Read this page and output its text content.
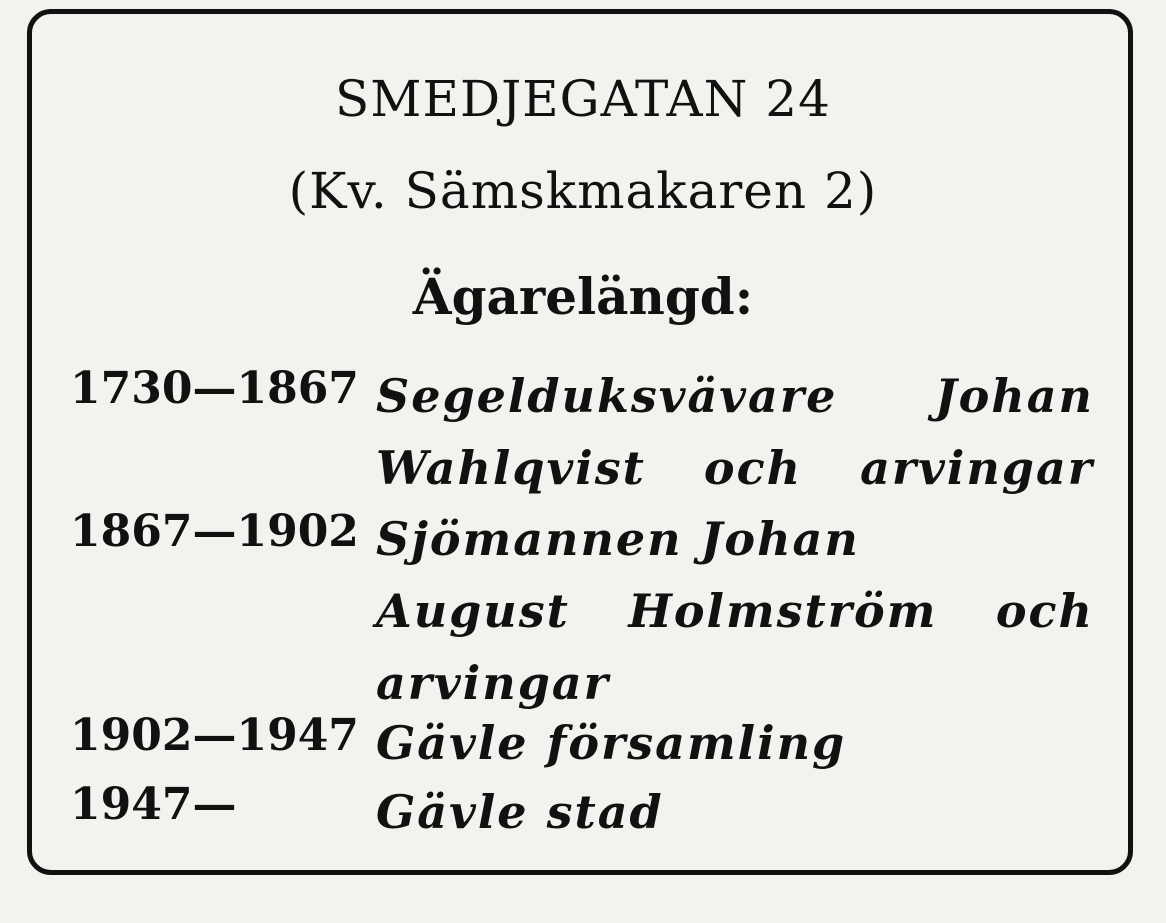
SMEDJEGATAN 24
(Kv. Sämskmakaren 2)
Ägarelängd:
1730—1867 Segelduksvävare Johan
Wahlqvist och arvingar
1867—1902 Sjömannen Johan
August Holmström och
arvingar
1902—1947 Gävle församling
1947—	Gävle stad
